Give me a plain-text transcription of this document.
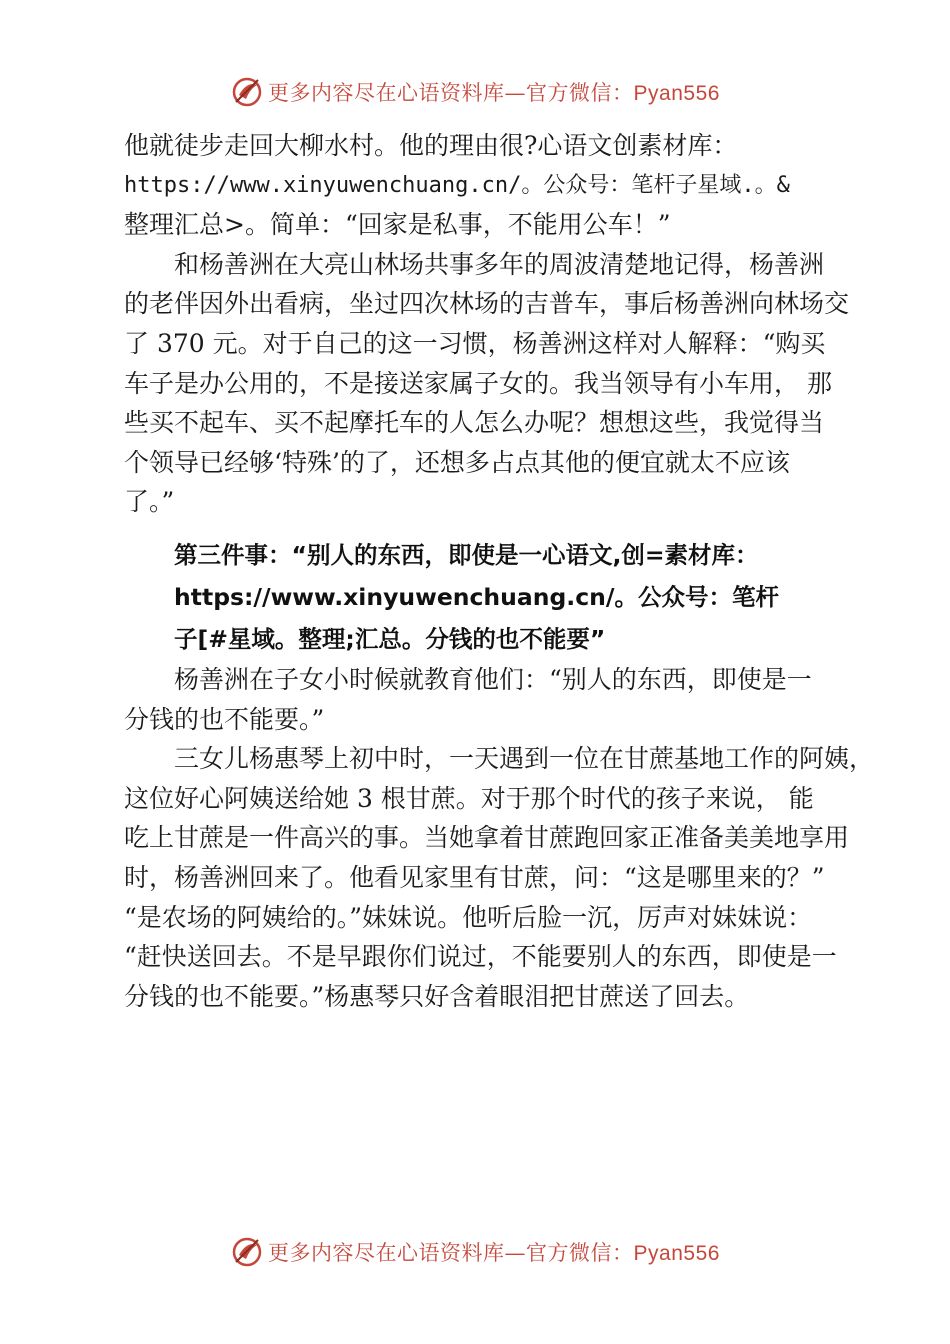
更多内容尽在心语资料库—官方微信：Pyan556
他就徒步走回大柳水村。他的理由很?心语文创素材库：
https://www.xinyuwenchuang.cn/。公众号：笔杆子星域.。&
整理汇总>。简单：“回家是私事，不能用公车！”
和杨善洲在大亮山林场共事多年的周波清楚地记得，杨善洲
的老伴因外出看病，坐过四次林场的吉普车，事后杨善洲向林场交
了 370 元。对于自己的这一习惯，杨善洲这样对人解释：“购买
车子是办公用的，不是接送家属子女的。我当领导有小车用， 那
些买不起车、买不起摩托车的人怎么办呢？想想这些，我觉得当
个领导已经够‘特殊’的了，还想多占点其他的便宜就太不应该
了。”
第三件事：“别人的东西，即使是一心语文,创=素材库：
https://www.xinyuwenchuang.cn/。公众号：笔杆
子[#星域。整理;汇总。分钱的也不能要”
杨善洲在子女小时候就教育他们：“别人的东西，即使是一
分钱的也不能要。”
三女儿杨惠琴上初中时，一天遇到一位在甘蔗基地工作的阿姨，
这位好心阿姨送给她 3 根甘蔗。对于那个时代的孩子来说， 能
吃上甘蔗是一件高兴的事。当她拿着甘蔗跑回家正准备美美地享用
时，杨善洲回来了。他看见家里有甘蔗，问：“这是哪里来的？”
“是农场的阿姨给的。”妹妹说。他听后脸一沉，厉声对妹妹说：
“赶快送回去。不是早跟你们说过，不能要别人的东西，即使是一
分钱的也不能要。”杨惠琴只好含着眼泪把甘蔗送了回去。
更多内容尽在心语资料库—官方微信：Pyan556
